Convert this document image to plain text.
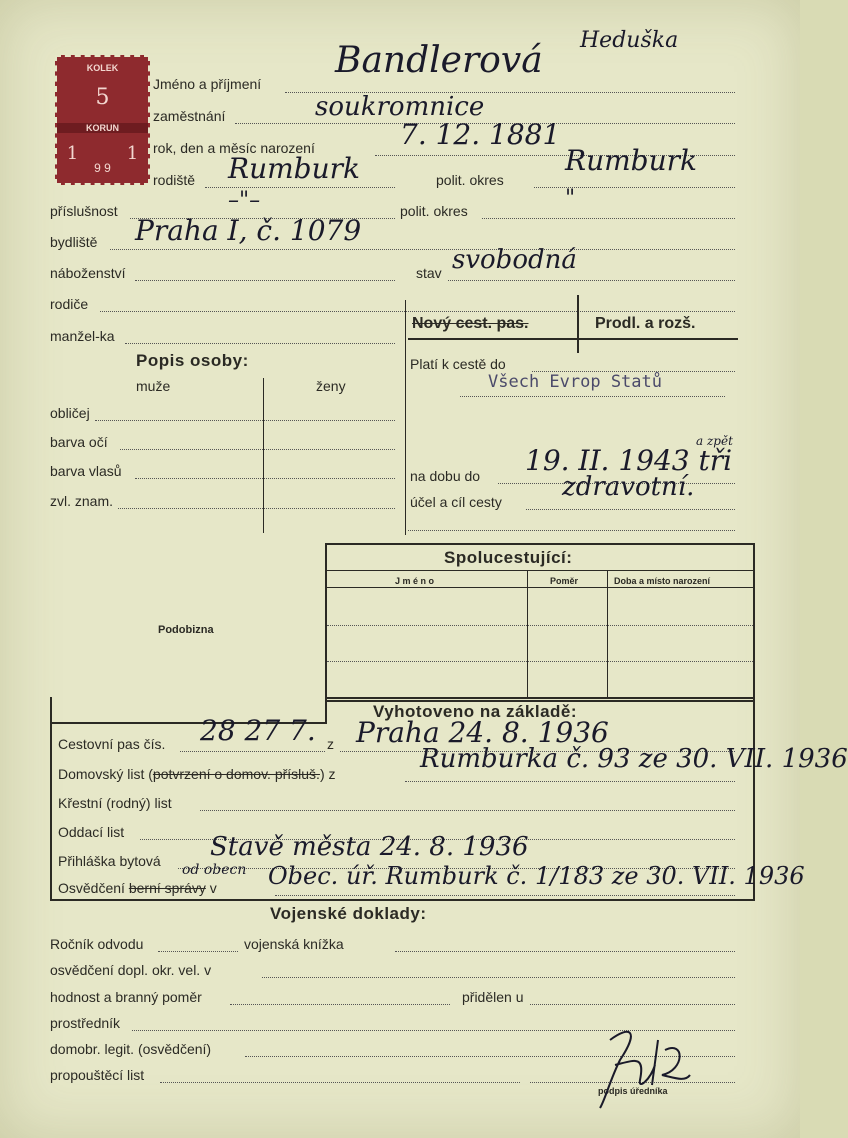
KOLEK
5
KORUN
1	1
9 9
Jméno a příjmení
Bandlerová Heduška
zaměstnání	soukromnice
rok, den a měsíc narození	7. 12. 1881
rodiště Rumburk	polit. okres
Rumburk
příslušnost	–"–	polit. okres	"
bydliště Praha I, č. 1079
náboženství	stav svobodná
rodiče
manžel-ka
Nový cest. pas.	Prodl. a rozš.
Platí k cestě do
Všech Evrop Statů
na dobu do 19. II. 1943 tři
a zpět
účel a cíl cesty zdravotní.
Popis osoby:
muže	ženy
obličej
barva očí
barva vlasů
zvl. znam.
Podobizna
Spolucestující:
J m é n o	Poměr	Doba a místo narození
Vyhotoveno na základě:
Cestovní pas čís. 28 27 7. z Praha 24. 8. 1936
Domovský list (potvrzení o domov. přísluš.) z	Rumburka č. 93 ze 30. VII. 1936
Křestní (rodný) list
Oddací list
Přihláška bytová Stavě města 24. 8. 1936
Osvědčení berní správy v
od obecn Obec. úř. Rumburk č. 1/183 ze 30. VII. 1936
Vojenské doklady:
Ročník odvodu	vojenská knížka
osvědčení dopl. okr. vel. v
hodnost a branný poměr	přidělen u
prostředník
domobr. legit. (osvědčení)
propouštěcí list
podpis úředníka
